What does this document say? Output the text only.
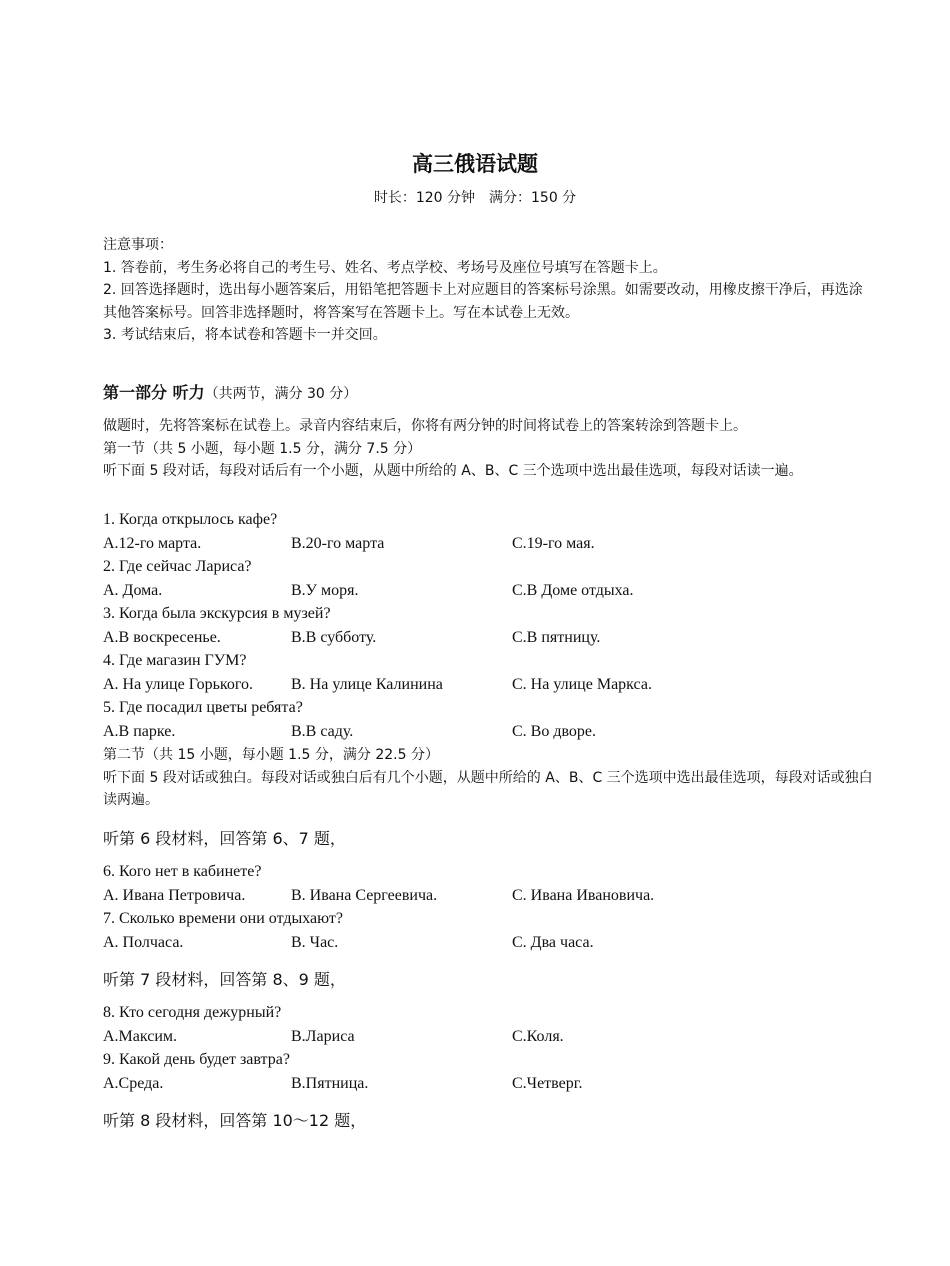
高三俄语试题
时长：120 分钟　满分：150 分

注意事项：

1. 答卷前，考生务必将自己的考生号、姓名、考点学校、考场号及座位号填写在答题卡上。

2. 回答选择题时，选出每小题答案后，用铅笔把答题卡上对应题目的答案标号涂黑。如需要改动，用橡皮擦干净后，再选涂其他答案标号。回答非选择题时，将答案写在答题卡上。写在本试卷上无效。

3. 考试结束后，将本试卷和答题卡一并交回。

第一部分 听力（共两节，满分 30 分）

做题时，先将答案标在试卷上。录音内容结束后，你将有两分钟的时间将试卷上的答案转涂到答题卡上。

第一节（共 5 小题，每小题 1.5 分，满分 7.5 分）

听下面 5 段对话，每段对话后有一个小题，从题中所给的 A、B、C 三个选项中选出最佳选项，每段对话读一遍。

1. Когда открылось кафе?
А.12-го марта.	В.20-го марта	С.19-го мая.
2. Где сейчас Лариса?
А. Дома.	В.У моря.	С.В Доме отдыха.
3. Когда была экскурсия в музей?
А.В воскресенье.	В.В субботу.	С.В пятницу.
4. Где магазин ГУМ?
А. На улице Горького. В. На улице Калинина	С. На улице Маркса.
5. Где посадил цветы ребята?
А.В парке.	В.В саду.	С. Во дворе.

第二节（共 15 小题，每小题 1.5 分，满分 22.5 分）

听下面 5 段对话或独白。每段对话或独白后有几个小题，从题中所给的 A、B、C 三个选项中选出最佳选项，每段对话或独白读两遍。

听第 6 段材料，回答第 6、7 题，
6. Кого нет в кабинете?
А. Ивана Петровича.	В. Ивана Сергеевича.	С. Ивана Ивановича.
7. Сколько времени они отдыхают?
А. Полчаса.	В. Час.	С. Два часа.
听第 7 段材料，回答第 8、9 题，
8. Кто сегодня дежурный?
А.Максим.	В.Лариса	С.Коля.
9. Какой день будет завтра?
А.Среда.	В.Пятница.	С.Четверг.
听第 8 段材料，回答第 10～12 题，
